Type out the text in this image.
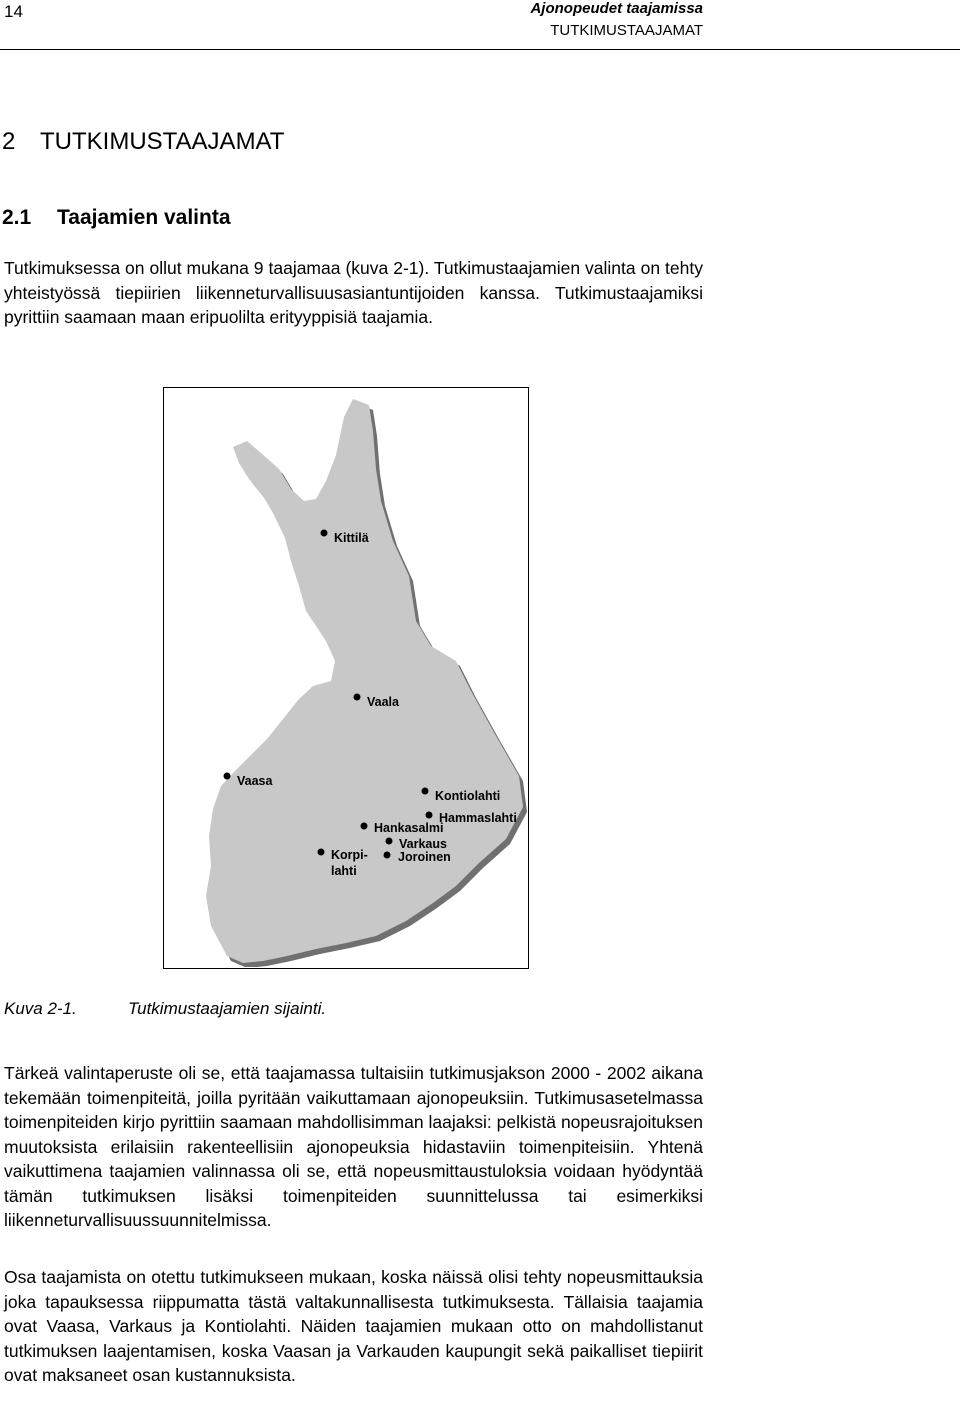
14	Ajonopeudet taajamissa
TUTKIMUSTAAJAMAT
2 TUTKIMUSTAAJAMAT
2.1 Taajamien valinta

Tutkimuksessa on ollut mukana 9 taajamaa (kuva 2-1). Tutkimustaajamien valinta on tehty yhteistyössä tiepiirien liikenneturvallisuusasiantuntijoiden kanssa. Tutkimustaajamiksi pyrittiin saamaan maan eripuolilta erityyppisiä taajamia.

Kittilä
Vaala
Vaasa
Kontiolahti
Hammaslahti
Hankasalmi
Varkaus
Joroinen
Korpi-
lahti
Kuva 2-1.	Tutkimustaajamien sijainti.

Tärkeä valintaperuste oli se, että taajamassa tultaisiin tutkimusjakson 2000 - 2002 aikana tekemään toimenpiteitä, joilla pyritään vaikuttamaan ajonopeuksiin. Tutkimusasetelmassa toimenpiteiden kirjo pyrittiin saamaan mahdollisimman laajaksi: pelkistä nopeusrajoituksen muutoksista erilaisiin rakenteellisiin ajonopeuksia hidastaviin toimenpiteisiin. Yhtenä vaikuttimena taajamien valinnassa oli se, että nopeusmittaustuloksia voidaan hyödyntää tämän tutkimuksen lisäksi toimenpiteiden suunnittelussa tai esimerkiksi liikenneturvallisuussuunnitelmissa.

Osa taajamista on otettu tutkimukseen mukaan, koska näissä olisi tehty nopeusmittauksia joka tapauksessa riippumatta tästä valtakunnallisesta tutkimuksesta. Tällaisia taajamia ovat Vaasa, Varkaus ja Kontiolahti. Näiden taajamien mukaan otto on mahdollistanut tutkimuksen laajentamisen, koska Vaasan ja Varkauden kaupungit sekä paikalliset tiepiirit ovat maksaneet osan kustannuksista.
